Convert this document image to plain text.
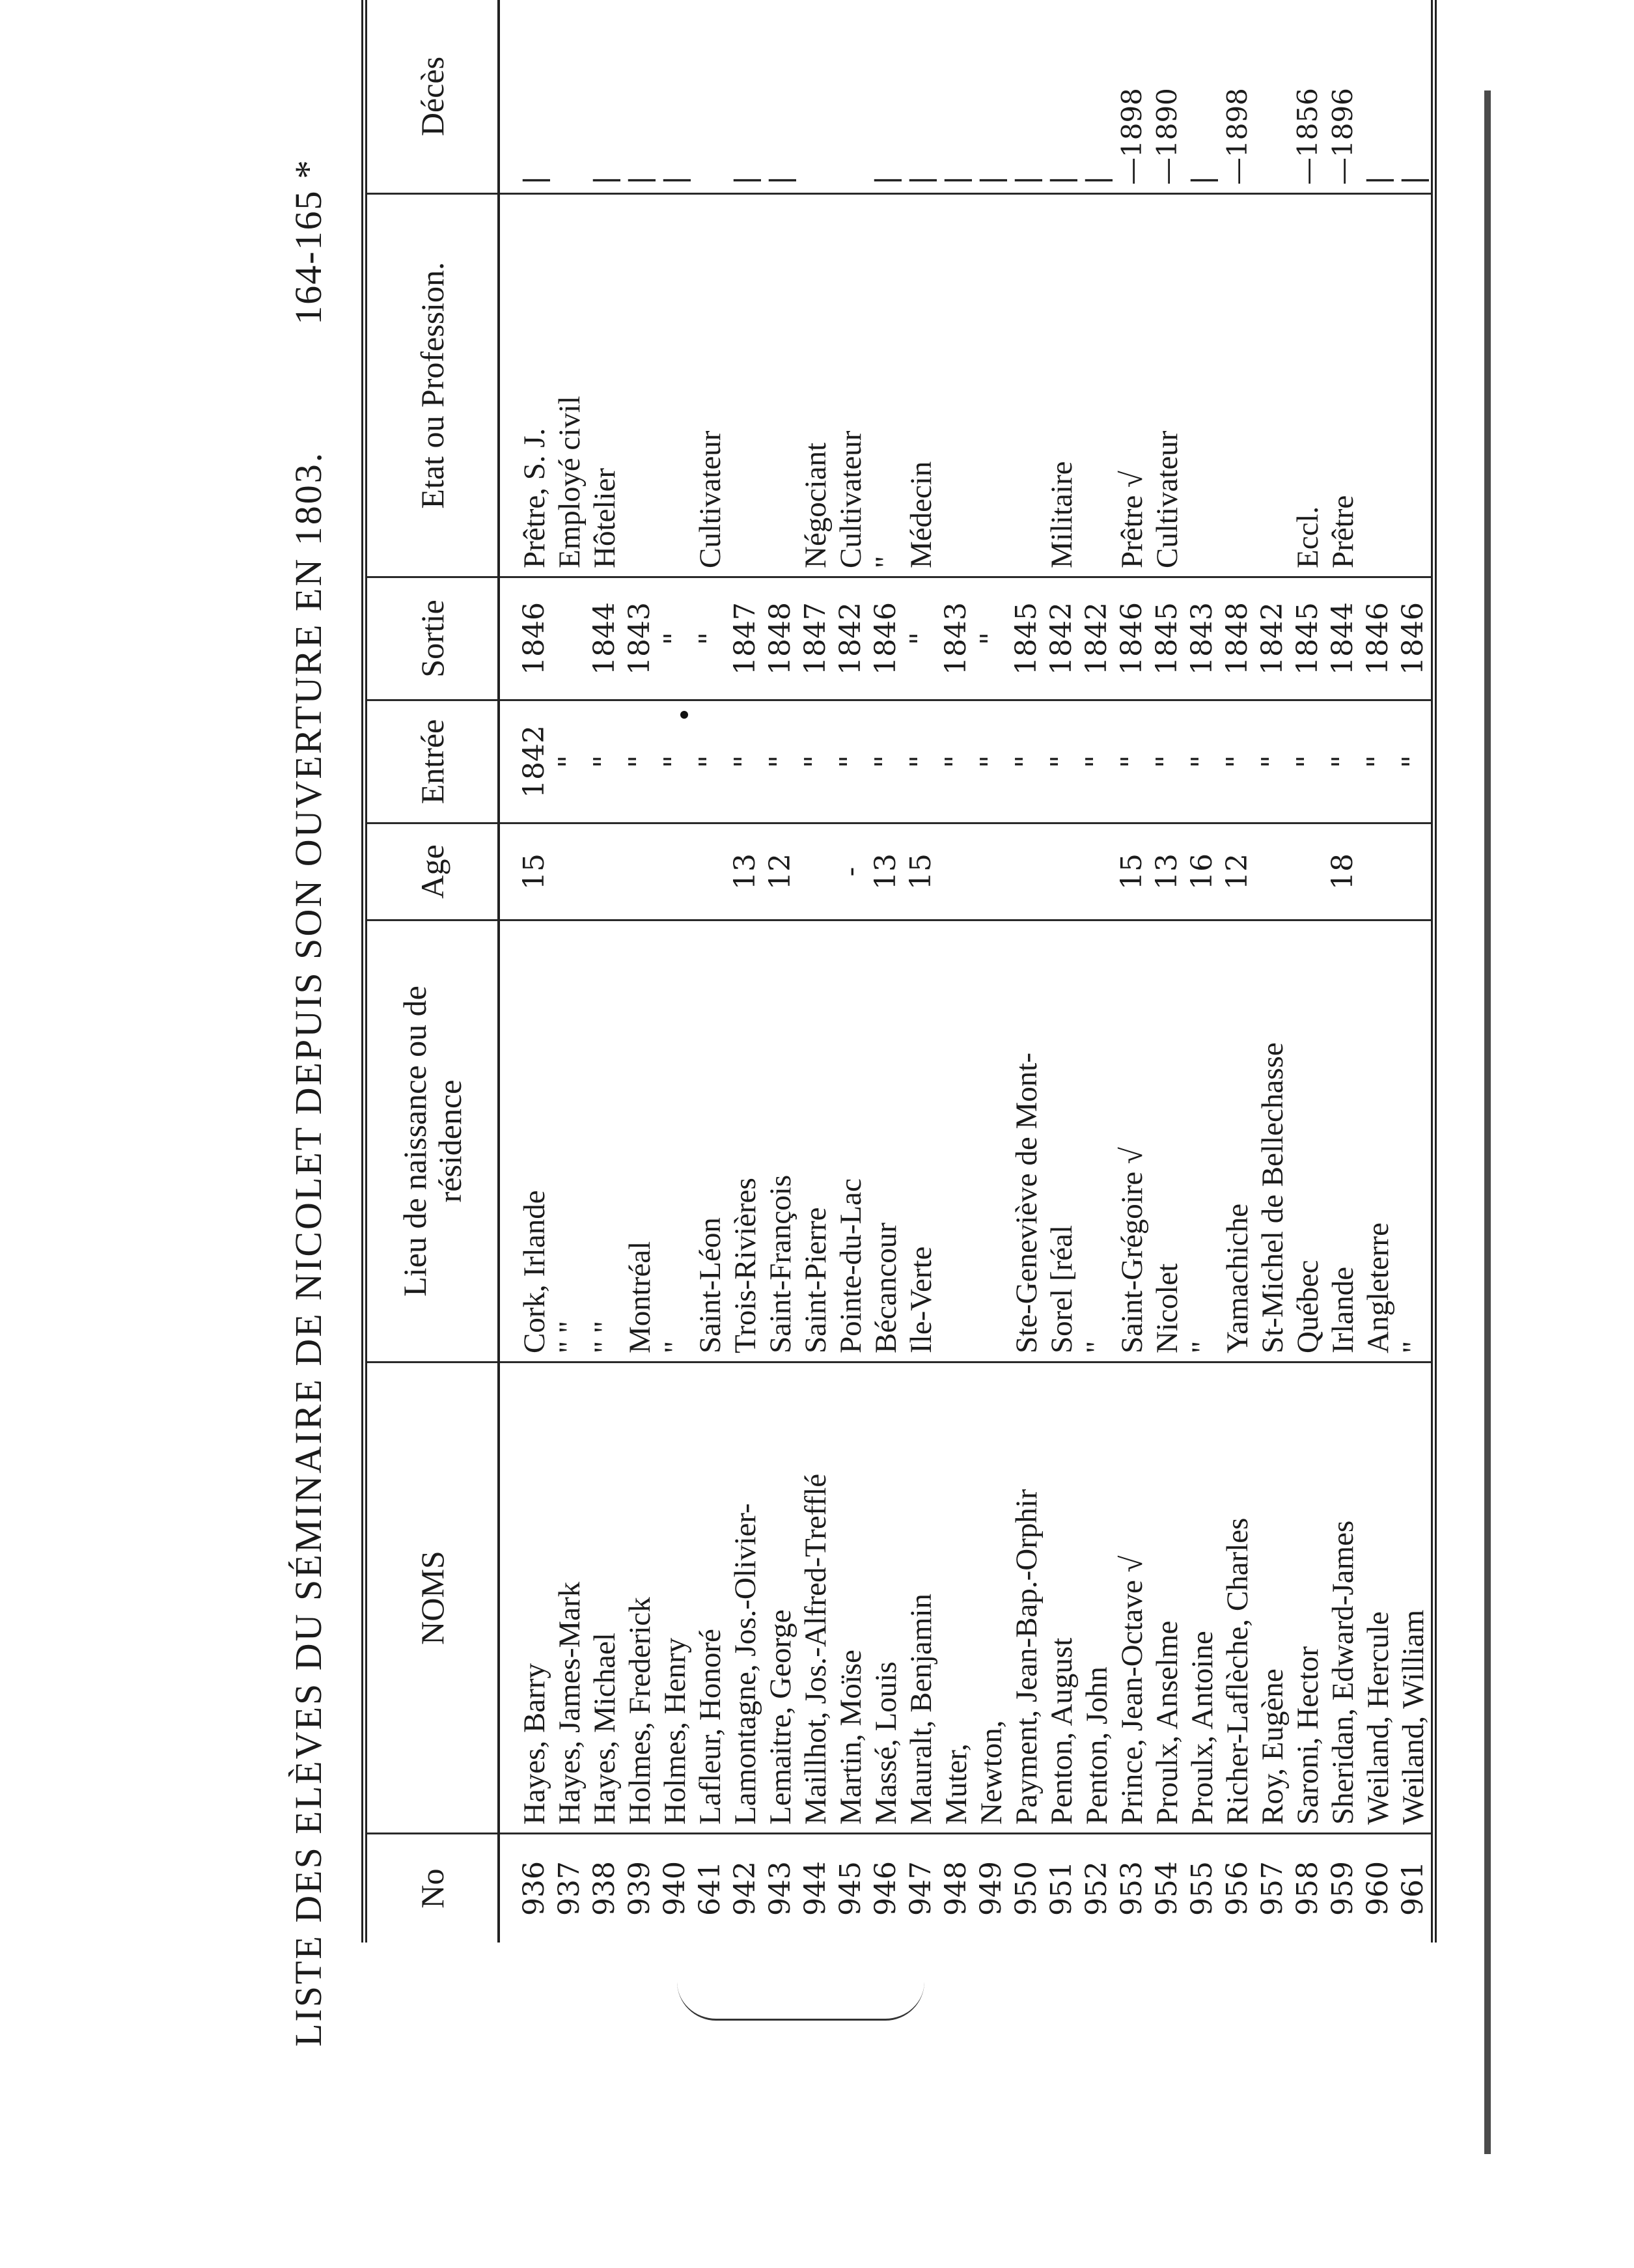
LISTE DES ELÈVES DU SÉMINAIRE DE NICOLET DEPUIS SON OUVERTURE EN 1803.
164-165 *
No	NOMS	Lieu de naissance ou de résidence	Age	Entrée	Sortie	Etat ou Profession.	Décès
936	Hayes, Barry	Cork, Irlande	15	1842	1846	Prêtre, S. J.	|
937	Hayes, James-Mark	" "		"		Employé civil	
938	Hayes, Michael	" "		"	1844	Hôtelier	|
939	Holmes, Frederick	Montréal		"	1843		|
940	Holmes, Henry	"		"	"		|
641	Lafleur, Honoré	Saint-Léon		"	"	Cultivateur	
942	Lamontagne, Jos.-Olivier-	Trois-Rivières	13	"	1847		|
943	Lemaitre, George	Saint-François	12	"	1848		|
944	Maillhot, Jos.-Alfred-Trefflé	Saint-Pierre		"	1847	Négociant	
945	Martin, Moïse	Pointe-du-Lac	-	"	1842	Cultivateur	
946	Massé, Louis	Bécancour	13	"	1846	"	|
947	Mauralt, Benjamin	Ile-Verte	15	"	"	Médecin	|
948	Muter,			"	1843		|
949	Newton,			"	"		|
950	Payment, Jean-Bap.-Orphir	Ste-Geneviève de Mont-		"	1845		|
951	Penton, August	Sorel [réal		"	1842	Militaire	|
952	Penton, John	"		"	1842		|
953	Prince, Jean-Octave √	Saint-Grégoire √	15	"	1846	Prêtre √	—1898
954	Proulx, Anselme	Nicolet	13	"	1845	Cultivateur	—1890
955	Proulx, Antoine	"	16	"	1843		|
956	Richer-Laflèche, Charles	Yamachiche	12	"	1848		—1898
957	Roy, Eugène	St-Michel de Bellechasse		"	1842		
958	Saroni, Hector	Québec		"	1845	Eccl.	—1856
959	Sheridan, Edward-James	Irlande	18	"	1844	Prêtre	—1896
960	Weiland, Hercule	Angleterre		"	1846		|
961	Weiland, William	"		"	1846		|
